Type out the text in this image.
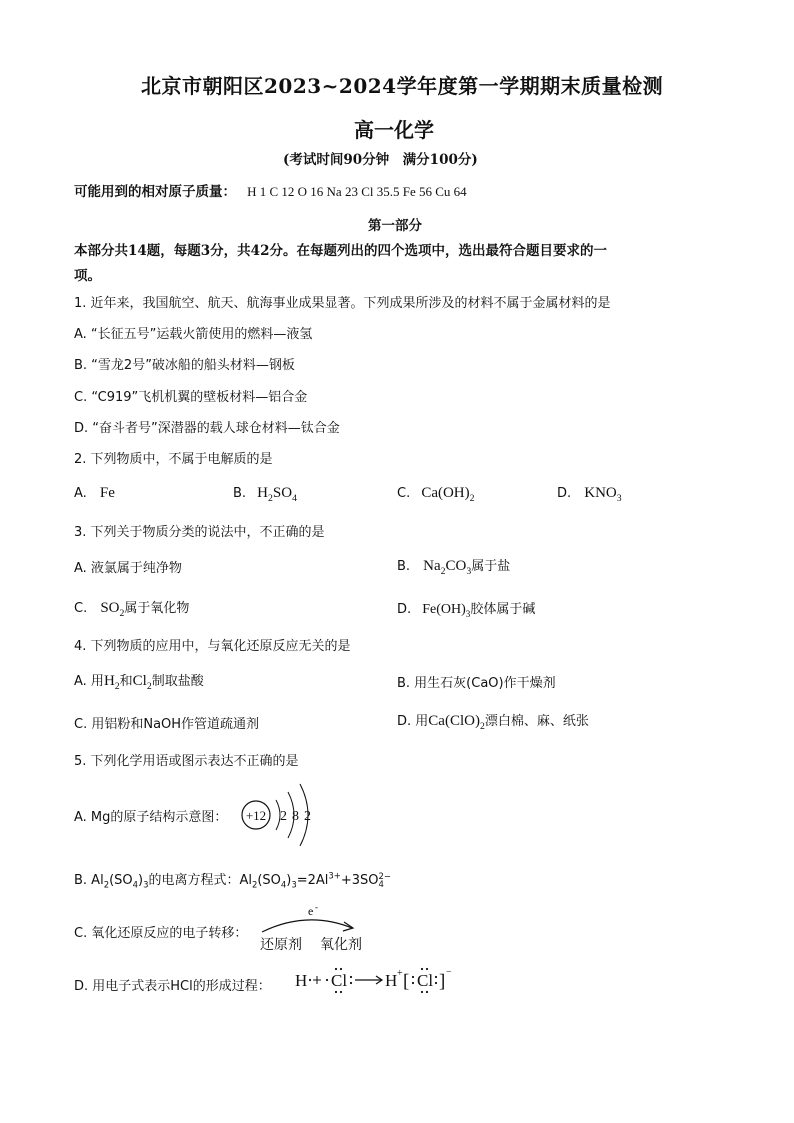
北京市朝阳区2023~2024学年度第一学期期末质量检测
高一化学
(考试时间90分钟　满分100分)
可能用到的相对原子质量： H 1 C 12 O 16 Na 23 Cl 35.5 Fe 56 Cu 64
第一部分
本部分共14题，每题3分，共42分。在每题列出的四个选项中，选出最符合题目要求的一
项。
1. 近年来，我国航空、航天、航海事业成果显著。下列成果所涉及的材料不属于金属材料的是
A. “长征五号”运载火箭使用的燃料—液氢
B. “雪龙2号”破冰船的船头材料—钢板
C. “C919”飞机机翼的壁板材料—铝合金
D. “奋斗者号”深潜器的载人球仓材料—钛合金
2. 下列物质中，不属于电解质的是
A. Fe	B. $H_2SO_4$	C. $Ca(OH)_2$	D. $KNO_3$
3. 下列关于物质分类的说法中，不正确的是
A. 液氯属于纯净物	B. $Na_2CO_3$属于盐
C. $SO_2$属于氧化物	D. $Fe(OH)_3$胶体属于碱
4. 下列物质的应用中，与氧化还原反应无关的是
A. 用$H_2$和$Cl_2$制取盐酸	B. 用生石灰(CaO)作干燥剂
C. 用铝粉和NaOH作管道疏通剂	D. 用$Ca(ClO)_2$漂白棉、麻、纸张
5. 下列化学用语或图示表达不正确的是
A. Mg的原子结构示意图： +12 2 8 2
B. $Al_2(SO_4)_3$的电离方程式：$Al_2(SO_4)_3=2Al^{3+}+3SO$ 2−
4
C. 氧化还原反应的电子转移：
e -
还原剂 氧化剂
D. 用电子式表示HCl的形成过程： H Cl H + [ Cl ] −
